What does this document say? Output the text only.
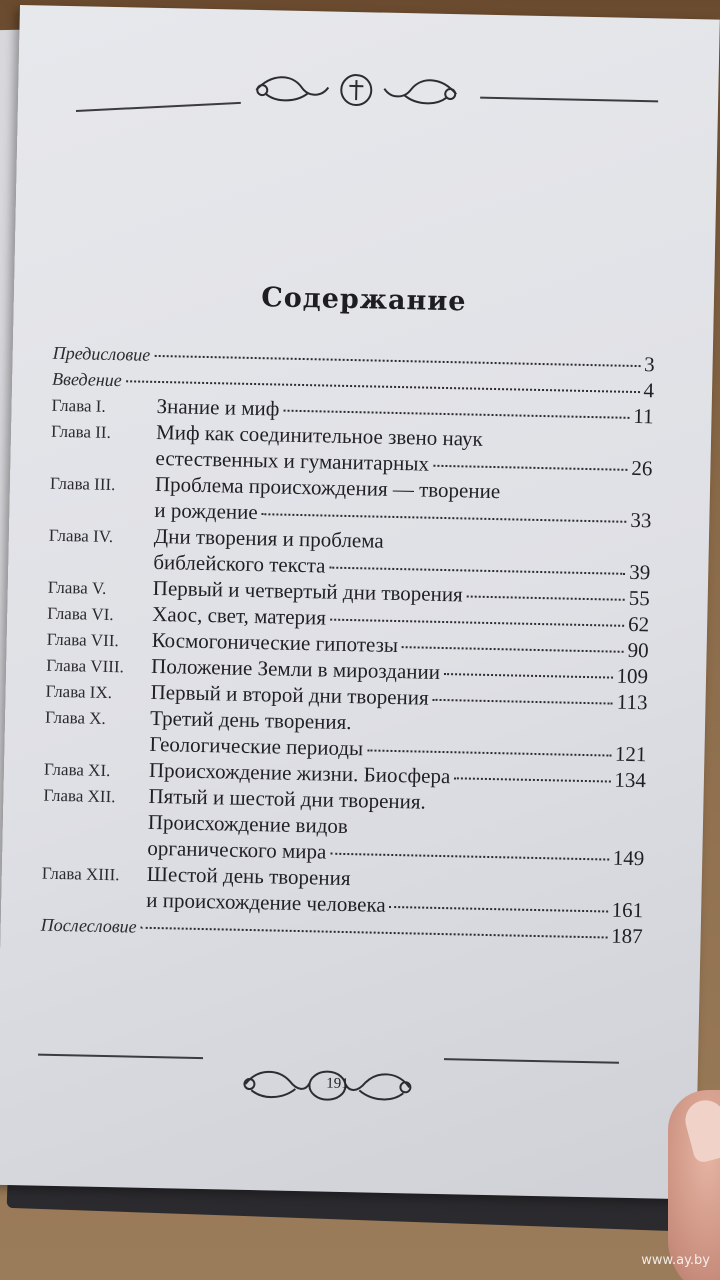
Содержание
Предисловие	3
Введение	4
Глава I.	Знание и миф	11
Глава II.	Миф как соединительное звено наук
естественных и гуманитарных	26
Глава III.	Проблема происхождения — творение
и рождение	33
Глава IV.	Дни творения и проблема
библейского текста	39
Глава V.	Первый и четвертый дни творения	55
Глава VI.	Хаос, свет, материя	62
Глава VII.	Космогонические гипотезы	90
Глава VIII.	Положение Земли в мироздании	109
Глава IX.	Первый и второй дни творения	113
Глава X.	Третий день творения.
Геологические периоды	121
Глава XI.	Происхождение жизни. Биосфера	134
Глава XII.	Пятый и шестой дни творения.
Происхождение видов
органического мира	149
Глава XIII.	Шестой день творения
и происхождение человека	161
Послесловие	187
191
www.ay.by
